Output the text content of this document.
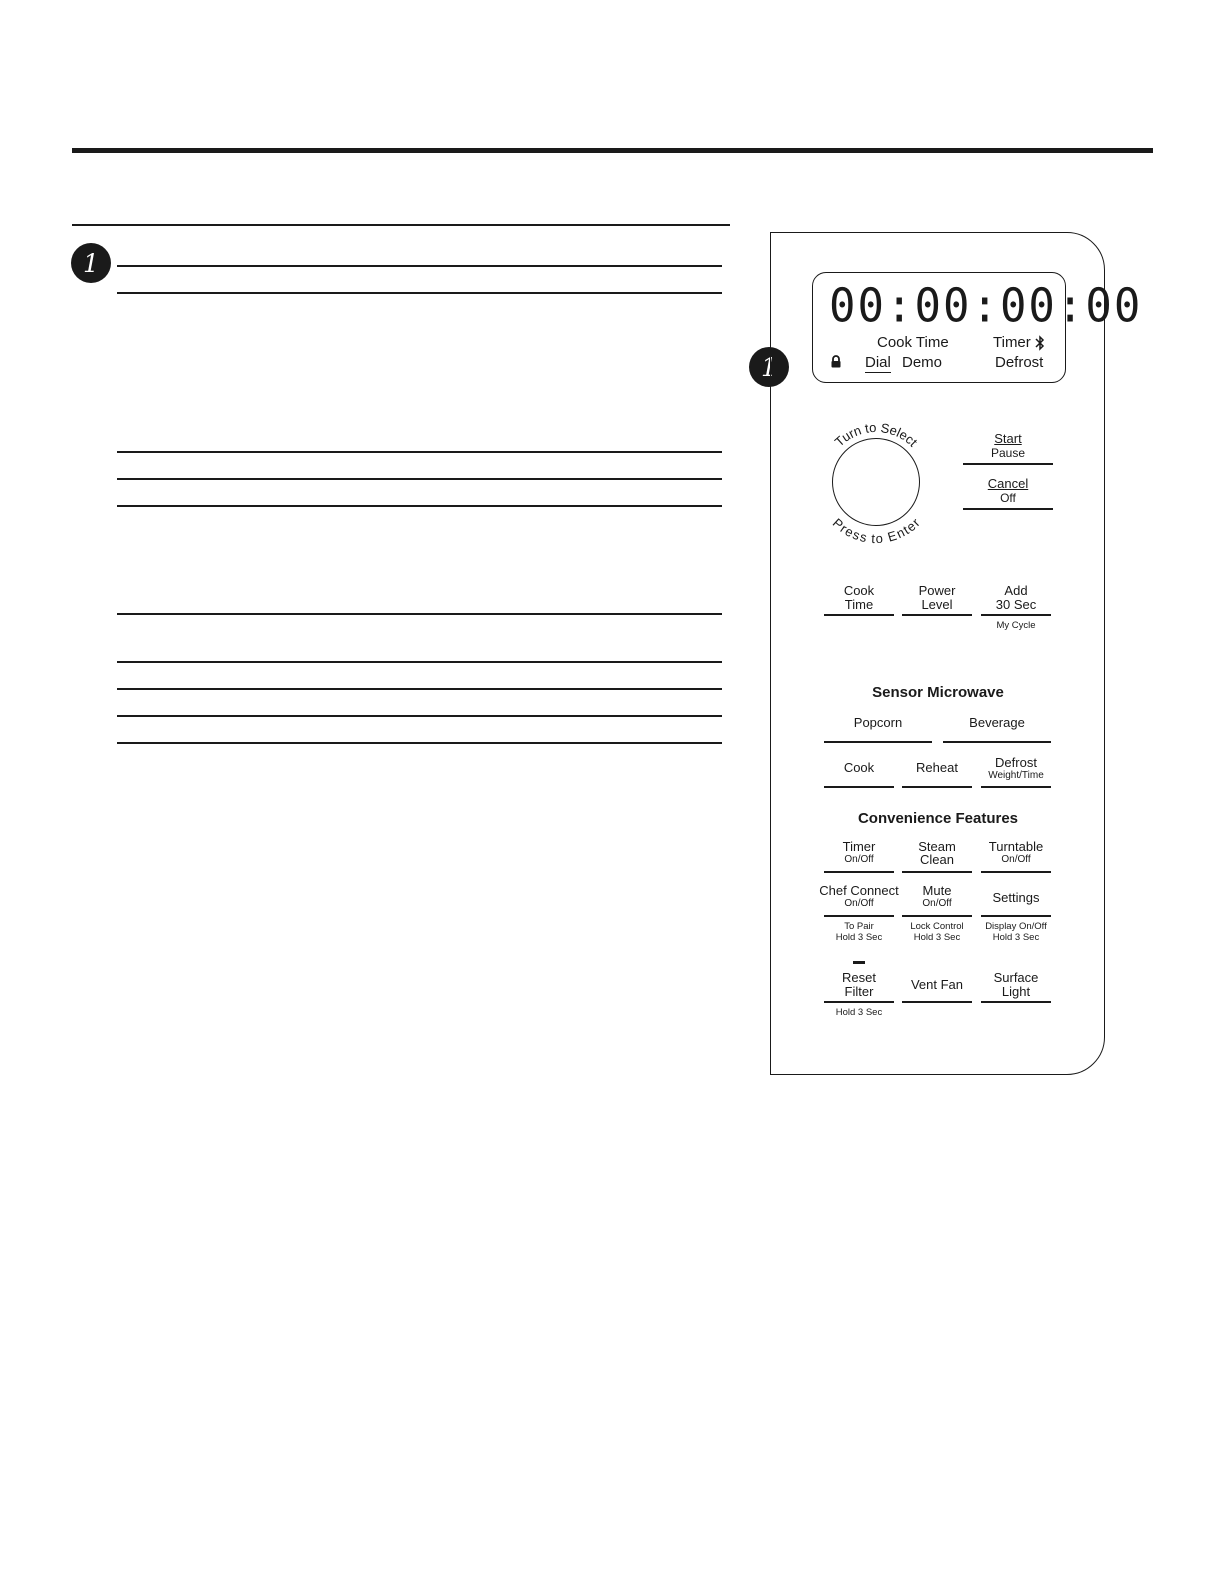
1
1
00:00:00:00
Cook Time	Timer
Dial Demo	Defrost
Turn to Select
Press to Enter
Start
Pause
Cancel
Off
Cook
Time
Power
Level
Add
30 Sec
My Cycle
Sensor Microwave
Popcorn	Beverage
Cook	Reheat	Defrost
Weight/Time
Convenience Features
Timer
On/Off
Steam
Clean
Turntable
On/Off
Chef Connect
On/Off
To Pair
Hold 3 Sec
Mute
On/Off
Lock Control
Hold 3 Sec
Settings
Display On/Off
Hold 3 Sec
Reset
Filter
Hold 3 Sec
Vent Fan	Surface
Light
